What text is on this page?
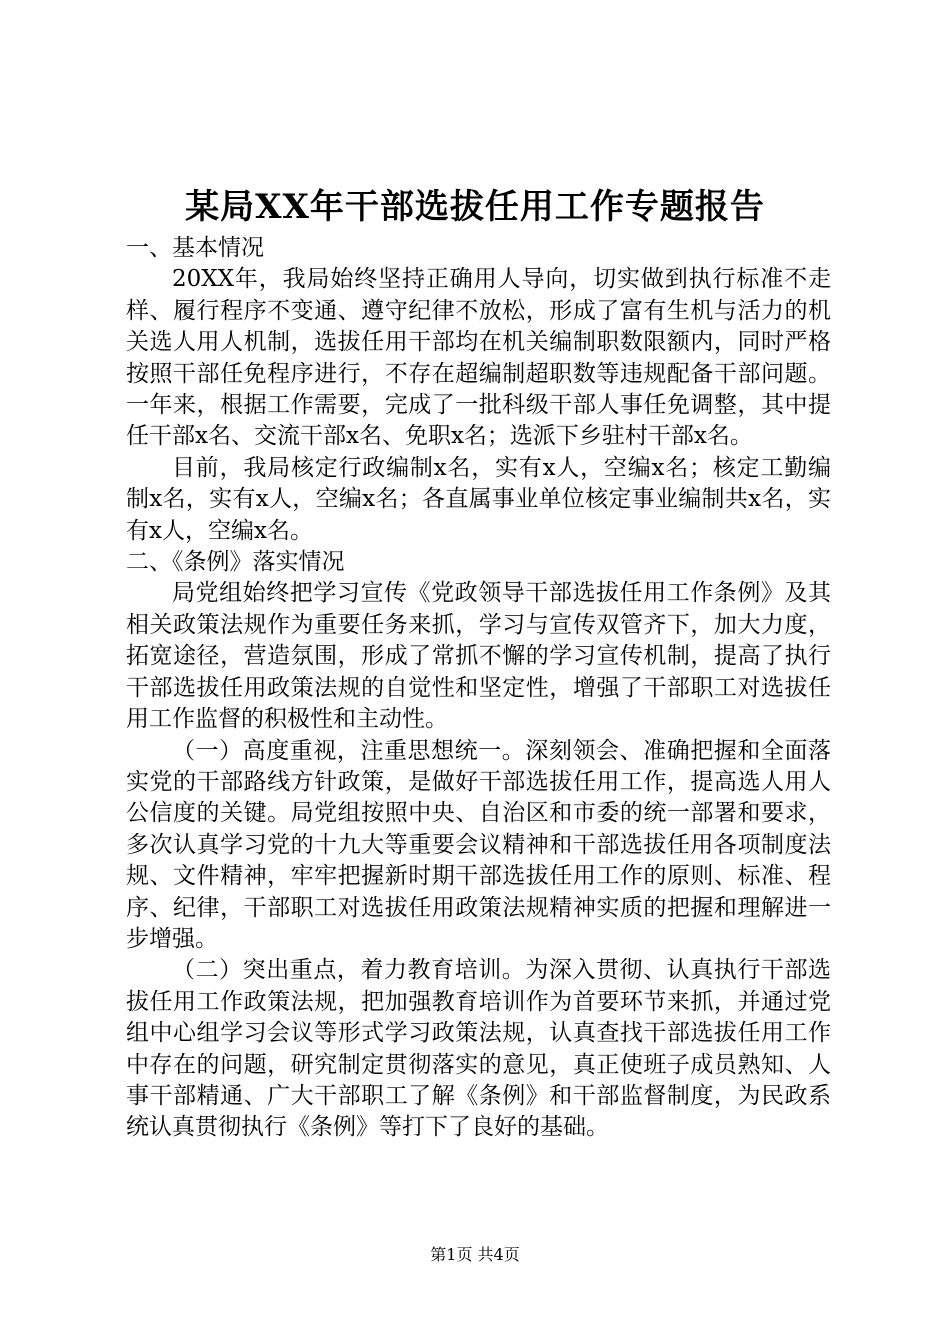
某局XX年干部选拔任用工作专题报告

一、基本情况

20XX年，我局始终坚持正确用人导向，切实做到执行标准不走样、履行程序不变通、遵守纪律不放松，形成了富有生机与活力的机关选人用人机制，选拔任用干部均在机关编制职数限额内，同时严格按照干部任免程序进行，不存在超编制超职数等违规配备干部问题。一年来，根据工作需要，完成了一批科级干部人事任免调整，其中提任干部x名、交流干部x名、免职x名；选派下乡驻村干部x名。

目前，我局核定行政编制x名，实有x人，空编x名；核定工勤编制x名，实有x人，空编x名；各直属事业单位核定事业编制共x名，实有x人，空编x名。

二、《条例》落实情况

局党组始终把学习宣传《党政领导干部选拔任用工作条例》及其相关政策法规作为重要任务来抓，学习与宣传双管齐下，加大力度，拓宽途径，营造氛围，形成了常抓不懈的学习宣传机制，提高了执行干部选拔任用政策法规的自觉性和坚定性，增强了干部职工对选拔任用工作监督的积极性和主动性。

（一）高度重视，注重思想统一。深刻领会、准确把握和全面落实党的干部路线方针政策，是做好干部选拔任用工作，提高选人用人公信度的关键。局党组按照中央、自治区和市委的统一部署和要求，多次认真学习党的十九大等重要会议精神和干部选拔任用各项制度法规、文件精神，牢牢把握新时期干部选拔任用工作的原则、标准、程序、纪律，干部职工对选拔任用政策法规精神实质的把握和理解进一步增强。

（二）突出重点，着力教育培训。为深入贯彻、认真执行干部选拔任用工作政策法规，把加强教育培训作为首要环节来抓，并通过党组中心组学习会议等形式学习政策法规，认真查找干部选拔任用工作中存在的问题，研究制定贯彻落实的意见，真正使班子成员熟知、人事干部精通、广大干部职工了解《条例》和干部监督制度，为民政系统认真贯彻执行《条例》等打下了良好的基础。

第1页 共4页
